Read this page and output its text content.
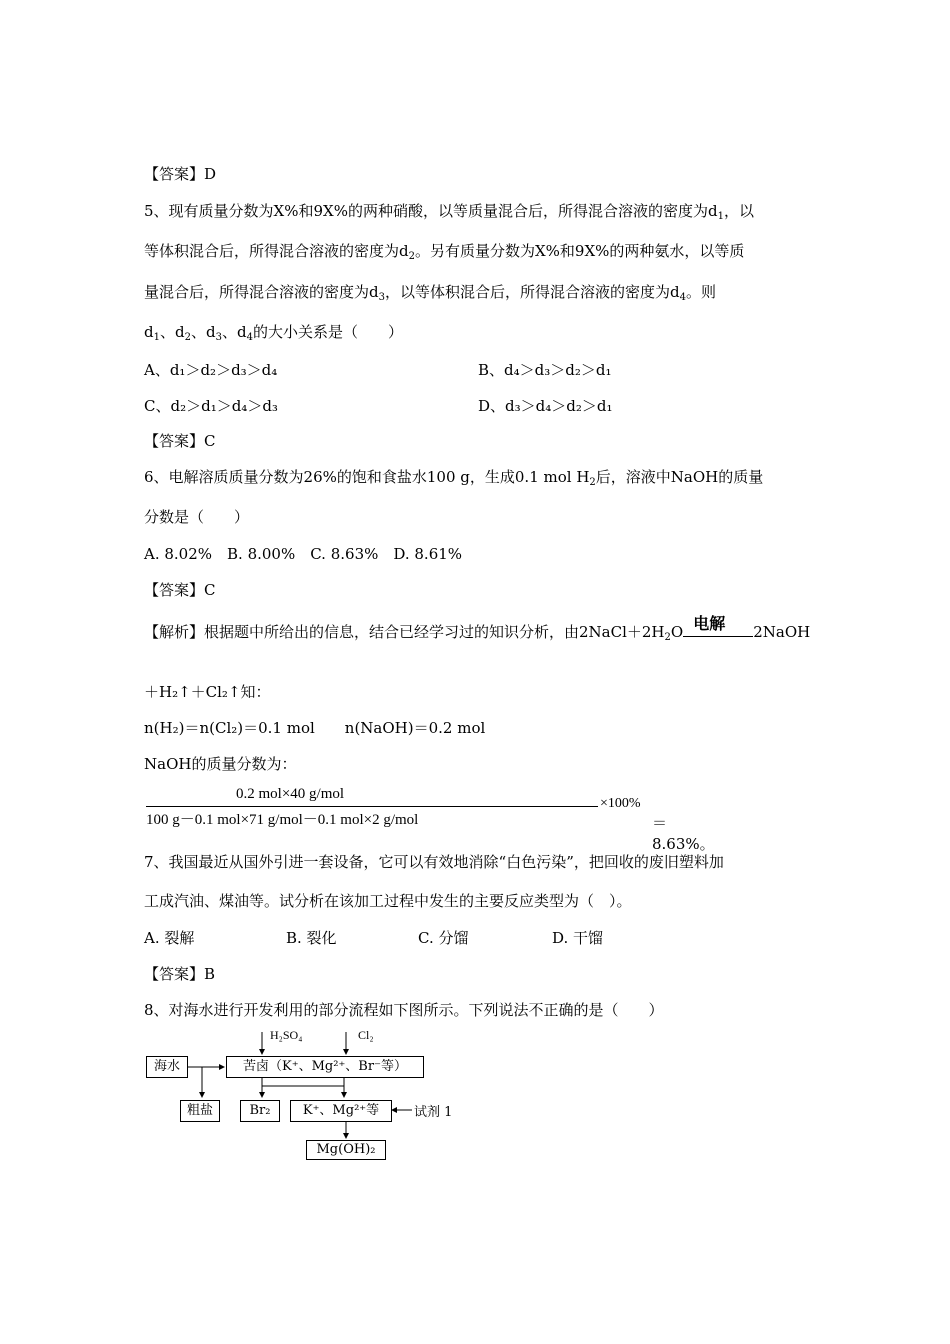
【答案】D
5、现有质量分数为X%和9X%的两种硝酸，以等质量混合后，所得混合溶液的密度为$d_1$，以
等体积混合后，所得混合溶液的密度为$d_2$。另有质量分数为X%和9X%的两种氨水，以等质
量混合后，所得混合溶液的密度为$d_3$，以等体积混合后，所得混合溶液的密度为$d_4$。则
$d_1$、$d_2$、$d_3$、$d_4$的大小关系是（　　）
A、d₁＞d₂＞d₃＞d₄	B、d₄＞d₃＞d₂＞d₁
C、d₂＞d₁＞d₄＞d₃	D、d₃＞d₄＞d₂＞d₁
【答案】C
6、电解溶质质量分数为26%的饱和食盐水100 g，生成0.1 mol $H_2$后，溶液中NaOH的质量
分数是（　　）
A. 8.02%　B. 8.00%　C. 8.63%　D. 8.61%
【答案】C
【解析】根据题中所给出的信息，结合已经学习过的知识分析，由$2NaCl+2H_2O$ 电解 2NaOH
＋H₂↑＋Cl₂↑知：
n(H₂)＝n(Cl₂)＝0.1 mol　　n(NaOH)＝0.2 mol
NaOH的质量分数为：
0.2 mol×40 g/mol
100 g－0.1 mol×71 g/mol－0.1 mol×2 g/mol
×100%
＝8.63%。
7、我国最近从国外引进一套设备，它可以有效地消除“白色污染”，把回收的废旧塑料加
工成汽油、煤油等。试分析在该加工过程中发生的主要反应类型为（　）。
A. 裂解	B. 裂化	C. 分馏	D. 干馏
【答案】B
8、对海水进行开发利用的部分流程如下图所示。下列说法不正确的是（　　）
海水	苦卤（K⁺、Mg²⁺、Br⁻等）
H₂SO₄	Cl₂
粗盐	Br₂	K⁺、Mg²⁺等	试剂 1
Mg(OH)₂
